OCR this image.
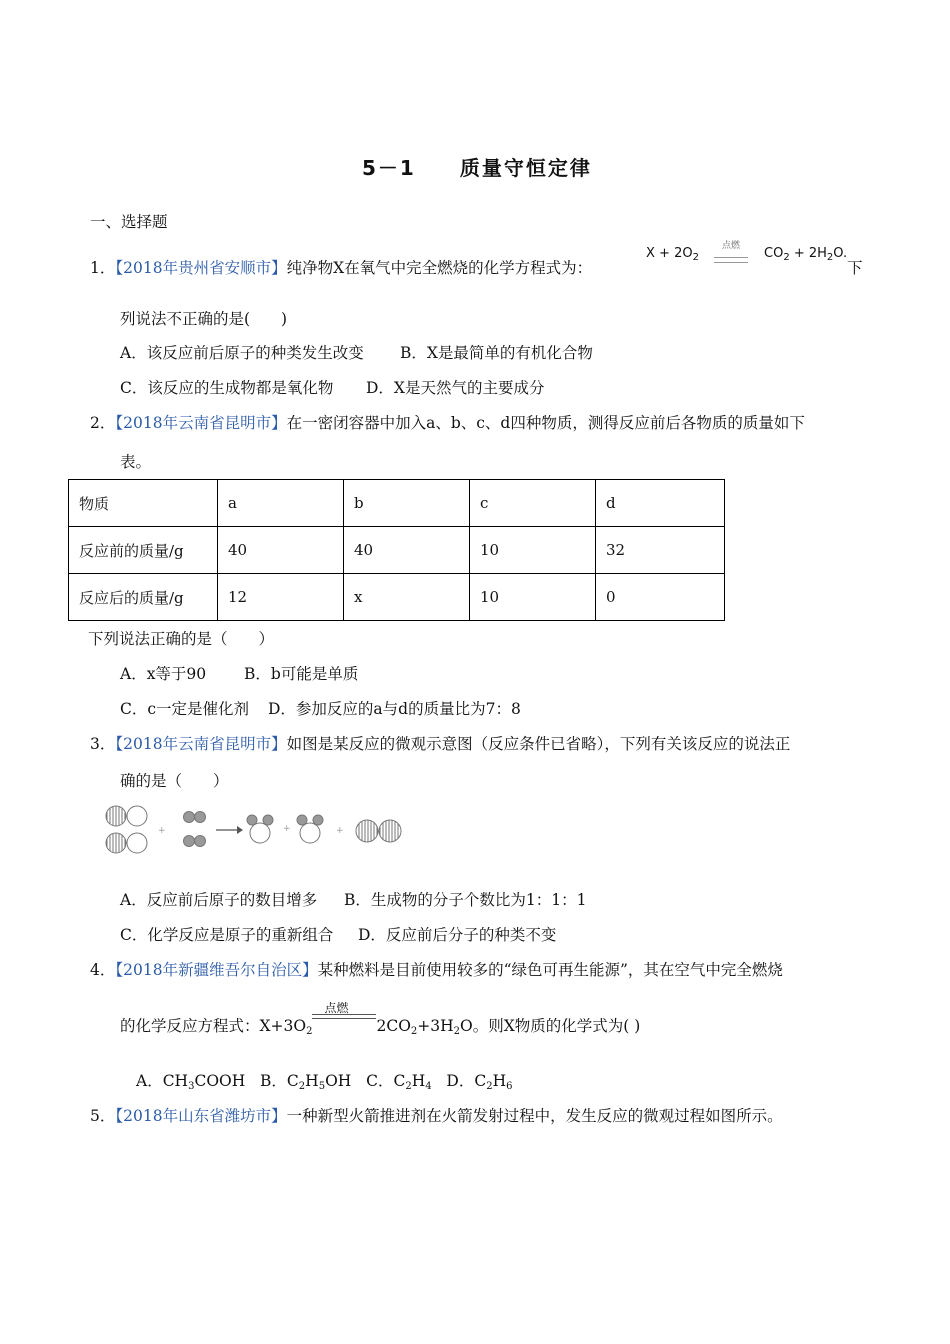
5－1　　质量守恒定律
一、选择题
1．【2018年贵州省安顺市】纯净物X在氧气中完全燃烧的化学方程式为：
$X + 2O_2$
点燃	$CO_2 + 2H_2O$.
下
列说法不正确的是(　　)
A．该反应前后原子的种类发生改变 B．X是最简单的有机化合物
C．该反应的生成物都是氧化物 D．X是天然气的主要成分
2．【2018年云南省昆明市】在一密闭容器中加入a、b、c、d四种物质，测得反应前后各物质的质量如下
表。
物质	a	b	c	d
反应前的质量/g	40	40	10	32
反应后的质量/g	12	x	10	0
下列说法正确的是（　　）
A．x等于90 B．b可能是单质
C．c一定是催化剂 D．参加反应的a与d的质量比为7：8
3．【2018年云南省昆明市】如图是某反应的微观示意图（反应条件已省略），下列有关该反应的说法正
确的是（　　）
+	+	+
A．反应前后原子的数目增多 B．生成物的分子个数比为1：1：1
C．化学反应是原子的重新组合 D．反应前后分子的种类不变
4．【2018年新疆维吾尔自治区】某种燃料是目前使用较多的“绿色可再生能源”，其在空气中完全燃烧
的化学反应方程式：$X+3O_2$
点燃
$2CO_2+3H_2O$。则X物质的化学式为( )
A．$CH_3COOH$ B．$C_2H_5OH$ C．$C_2H_4$ D．$C_2H_6$
5．【2018年山东省潍坊市】一种新型火箭推进剂在火箭发射过程中，发生反应的微观过程如图所示。
